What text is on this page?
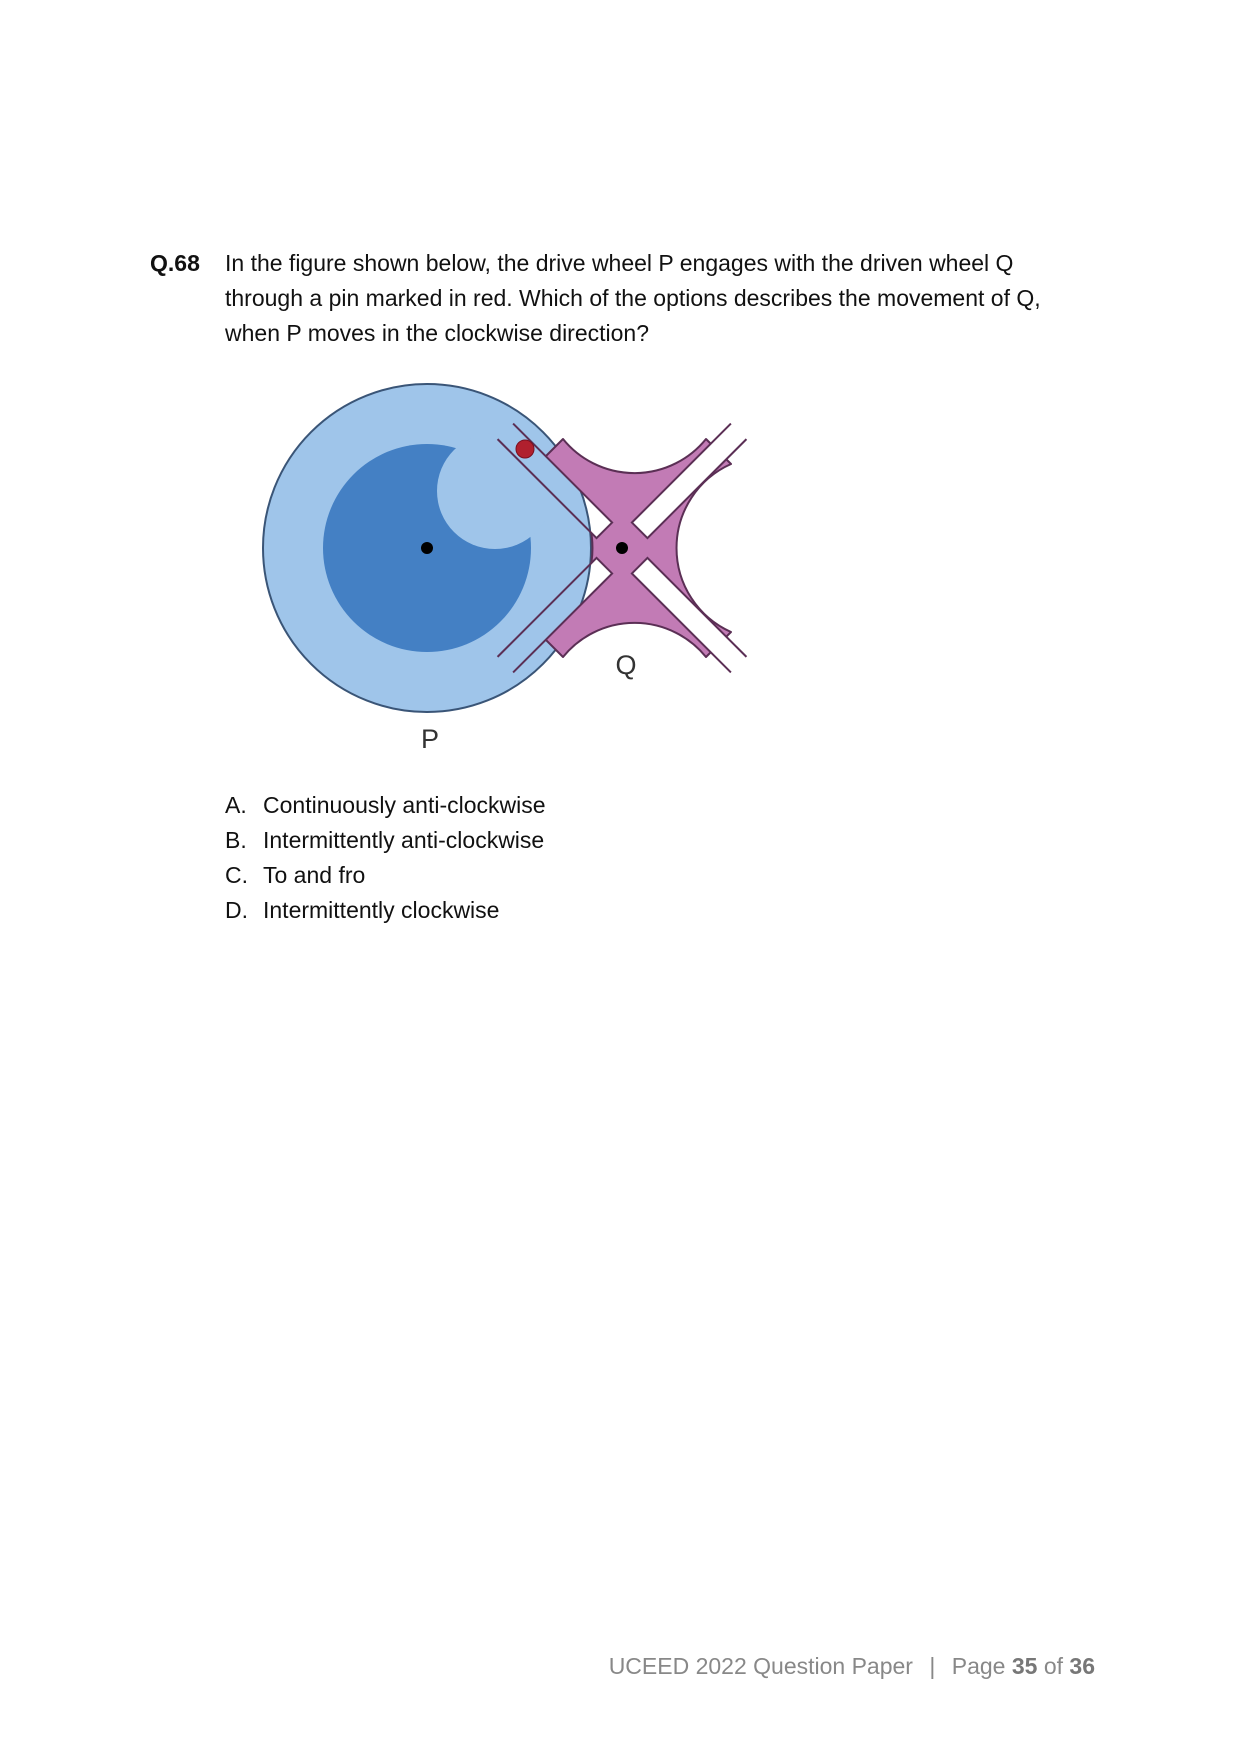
Q.68 In the figure shown below, the drive wheel P engages with the driven wheel Q
through a pin marked in red. Which of the options describes the movement of Q,
when P moves in the clockwise direction?
Q
P
A. Continuously anti-clockwise
B. Intermittently anti-clockwise
C. To and fro
D. Intermittently clockwise
UCEED 2022 Question Paper | Page 35 of 36
